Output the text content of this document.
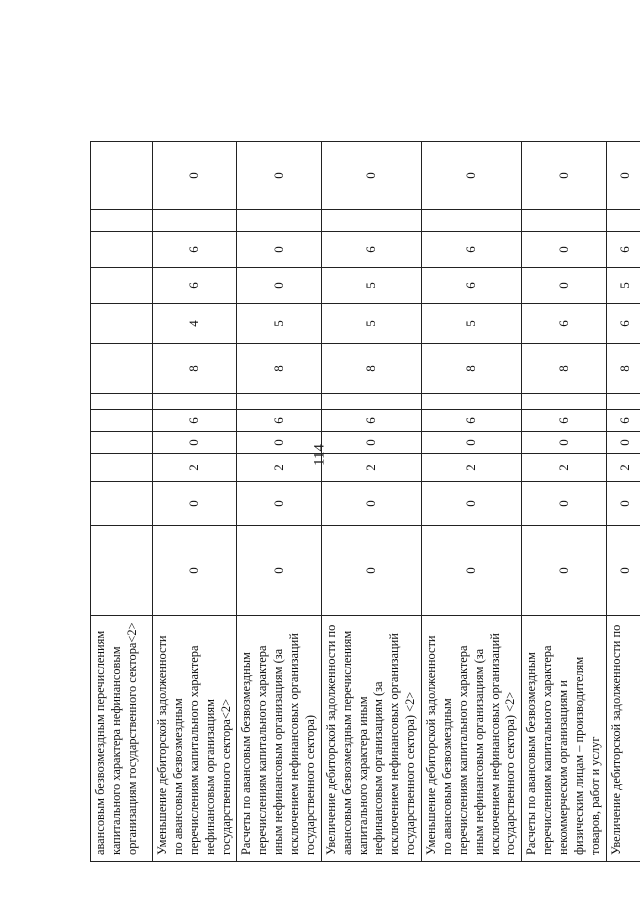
114
авансовым безвозмездным перечислениям капитального характера нефинансовым организациям государственного сектора<2>												
Уменьшение дебиторской задолженности по авансовым безвозмездным перечислениям капитального характера нефинансовым организациям государственного сектора<2>	0	0	2	0	6		8	4	6	6		0
Расчеты по авансовым безвозмездным перечислениям капитального характера иным нефинансовым организациям (за исключением нефинансовых организаций государственного сектора)	0	0	2	0	6		8	5	0	0		0
Увеличение дебиторской задолженности по авансовым безвозмездным перечислениям капитального характера иным нефинансовым организациям (за исключением нефинансовых организаций государственного сектора) <2>	0	0	2	0	6		8	5	5	6		0
Уменьшение дебиторской задолженности по авансовым безвозмездным перечислениям капитального характера иным нефинансовым организациям (за исключением нефинансовых организаций государственного сектора) <2>	0	0	2	0	6		8	5	6	6		0
Расчеты по авансовым безвозмездным перечислениям капитального характера некоммерческим организациям и физическим лицам – производителям товаров, работ и услуг	0	0	2	0	6		8	6	0	0		0
Увеличение дебиторской задолженности по	0	0	2	0	6		8	6	5	6		0
